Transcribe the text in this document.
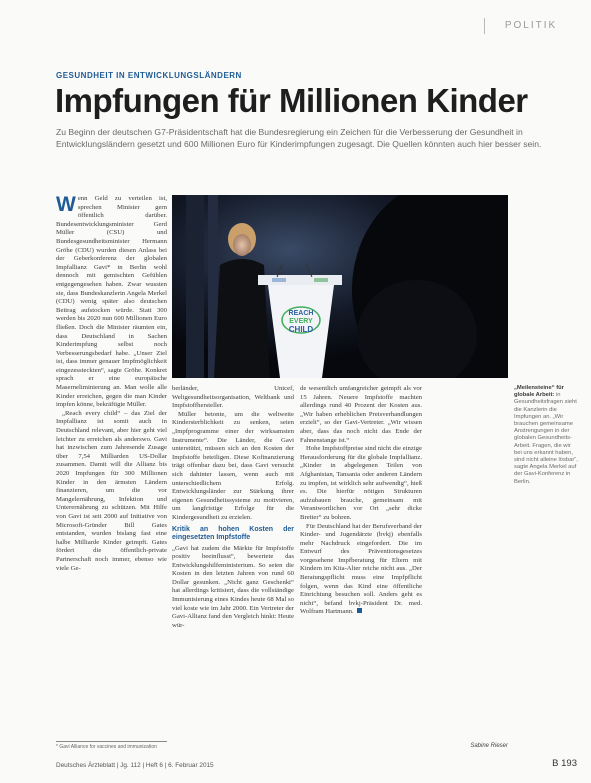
POLITIK
GESUNDHEIT IN ENTWICKLUNGSLÄNDERN
Impfungen für Millionen Kinder
Zu Beginn der deutschen G7-Präsidentschaft hat die Bundesregierung ein Zeichen für die Verbesserung der Gesundheit in Entwicklungsländern gesetzt und 600 Millionen Euro für Kinderimpfungen zugesagt. Die Quellen könnten auch hier besser sein.

Wenn Geld zu verteilen ist, sprechen Minister gern öffentlich darüber. Bundesentwicklungsminister Gerd Müller (CSU) und Bundesgesundheitsminister Hermann Gröhe (CDU) wurden diesen Anlass bei der Geberkonferenz der globalen Impfallianz Gavi* in Berlin wohl dennoch mit gemischten Gefühlen entgegengesehen haben. Zwar wussten sie, dass Bundeskanzlerin Angela Merkel (CDU) wenig später also deutschen Beitrag aufstocken würde. Statt 300 werden bis 2020 nun 600 Millionen Euro fließen. Doch die Minister räumten ein, dass Deutschland in Sachen Kinderimpfung selbst noch Verbesserungsbedarf habe. „Unser Ziel ist, dass immer genauer Impfmöglichkeit eingezessteckten“, sagte Gröhe. Konkret sprach er eine europäische Maserneliminierung an. Man wolle alle Kinder erreichen, gegen die man Kinder impfen könne, bekräftigte Müller.

„Reach every child“ – das Ziel der Impfallianz ist somit auch in Deutschland relevant, aber hier geht viel leichter zu erreichen als anderswo. Gavi hat inzwischen zum Jahresende Zusage über 7,54 Milliarden US-Dollar zusammen. Damit will die Allianz bis 2020 Impfungen für 300 Millionen Kinder in den ärmsten Ländern finanzieren, um die vor Mangelernährung, Infektion und Unterernährung zu schützen. Mit Hilfe von Gavi ist seit 2000 auf Initiative von Microsoft-Gründer Bill Gates entstanden, wurden bislang fast eine halbe Milliarde Kinder geimpft. Gates fördert die öffentlich-private Partnerschaft noch immer, ebenso wie viele Ge-

REACH
EVERY
CHILD

berländer, Unicef, Weltgesundheitsorganisation, Weltbank und Impfstoffhersteller.

Müller betonte, um die weltweite Kindersterblichkeit zu senken, seien „Impfprogramme einer der wirksamsten Instrumente“. Die Länder, die Gavi unterstützt, müssen sich an den Kosten der Impfstoffe beteiligen. Diese Kofinanzierung trägt offenbar dazu bei, dass Gavi versucht sich dahinter lassen, wenn auch mit unterschiedlichem Erfolg. Entwicklungsländer zur Stärkung ihrer eigenen Gesundheitssysteme zu motivieren, um langfristige Erfolge für die Kindergesundheit zu erzielen.

Kritik an hohen Kosten der eingesetzten Impfstoffe

„Gavi hat zudem die Märkte für Impfstoffe positiv beeinflusst“, bewertete das Entwicklungshilfeministerium. So seien die Kosten in den letzten Jahren von rund 60 Dollar gesunken. „Nicht ganz Geschenkt“ hat allerdings kritisiert, dass die vollständige Immunisierung eines Kindes heute 68 Mal so viel koste wie im Jahr 2000. Ein Vertreter der Gavi-Allianz fand den Vergleich hinkt: Heute wür-

de wesentlich umfangreicher geimpft als vor 15 Jahren. Neuere Impfstoffe machten allerdings rund 40 Prozent der Kosten aus. „Wir haben erheblichen Preisverhandlungen erzielt“, so der Gavi-Vertreter. „Wir wissen aber, dass das noch nicht das Ende der Fahnenstange ist.“

Hohe Impfstoffpreise sind nicht die einzige Herausforderung für die globale Impfallianz. „Kinder in abgelegenen Teilen von Afghanistan, Tansania oder anderen Ländern zu impfen, ist wirklich sehr aufwendig“, hieß es. Die hierfür nötigen Strukturen aufzubauen brauche, gemeinsam mit Verantwortlichen vor Ort „sehr dicke Bretter“ zu bohren.

Für Deutschland hat der Berufsverband der Kinder- und Jugendärzte (bvkj) ebenfalls mehr Nachdruck eingefordert. Die im Entwurf des Präventionsgesetzes vorgesehene Impfberatung für Eltern mit Kindern im Kita-Alter reiche nicht aus. „Der Beratungspflicht muss eine Impfpflicht folgen, wenn das Kind eine öffentliche Einrichtung besuchen soll. Anders geht es nicht“, befand bvkj-Präsident Dr. med. Wolfram Hartmann.

„Meilensteine“ für globale Arbeit: in Gesundheitsfragen sieht die Kanzlerin die Impfungen an. „Wir brauchen gemeinsame Anstrengungen in der globalen Gesundheits-Arbeit. Fragen, die wir bei uns erkannt haben, sind nicht alleine lösbar“, sagte Angela Merkel auf der Gavi-Konferenz in Berlin.
* Gavi Alliance for vaccines and immunization	Sabine Rieser
Deutsches Ärzteblatt | Jg. 112 | Heft 6 | 6. Februar 2015	B 193
